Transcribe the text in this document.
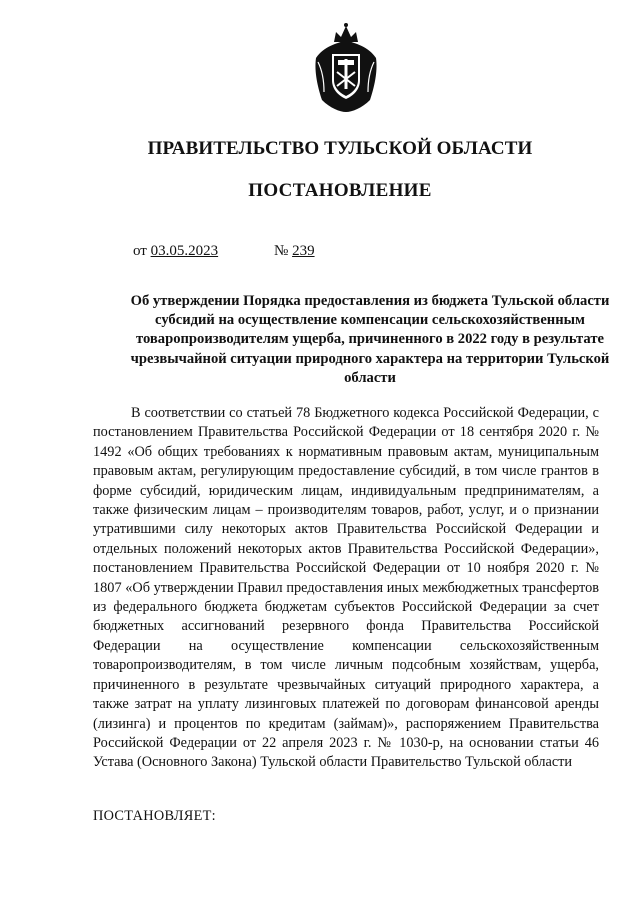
ПРАВИТЕЛЬСТВО ТУЛЬСКОЙ ОБЛАСТИ
ПОСТАНОВЛЕНИЕ
от 03.05.2023	№ 239
Об утверждении Порядка предоставления из бюджета Тульской области субсидий на осуществление компенсации сельскохозяйственным товаропроизводителям ущерба, причиненного в 2022 году в результате чрезвычайной ситуации природного характера на территории Тульской области

В соответствии со статьей 78 Бюджетного кодекса Российской Федерации, с постановлением Правительства Российской Федерации от 18 сентября 2020 г. № 1492 «Об общих требованиях к нормативным правовым актам, муниципальным правовым актам, регулирующим предоставление субсидий, в том числе грантов в форме субсидий, юридическим лицам, индивидуальным предпринимателям, а также физическим лицам – производителям товаров, работ, услуг, и о признании утратившими силу некоторых актов Правительства Российской Федерации и отдельных положений некоторых актов Правительства Российской Федерации», постановлением Правительства Российской Федерации от 10 ноября 2020 г. № 1807 «Об утверждении Правил предоставления иных межбюджетных трансфертов из федерального бюджета бюджетам субъектов Российской Федерации за счет бюджетных ассигнований резервного фонда Правительства Российской Федерации на осуществление компенсации сельскохозяйственным товаропроизводителям, в том числе личным подсобным хозяйствам, ущерба, причиненного в результате чрезвычайных ситуаций природного характера, а также затрат на уплату лизинговых платежей по договорам финансовой аренды (лизинга) и процентов по кредитам (займам)», распоряжением Правительства Российской Федерации от 22 апреля 2023 г. № 1030-р, на основании статьи 46 Устава (Основного Закона) Тульской области Правительство Тульской области

ПОСТАНОВЛЯЕТ:
